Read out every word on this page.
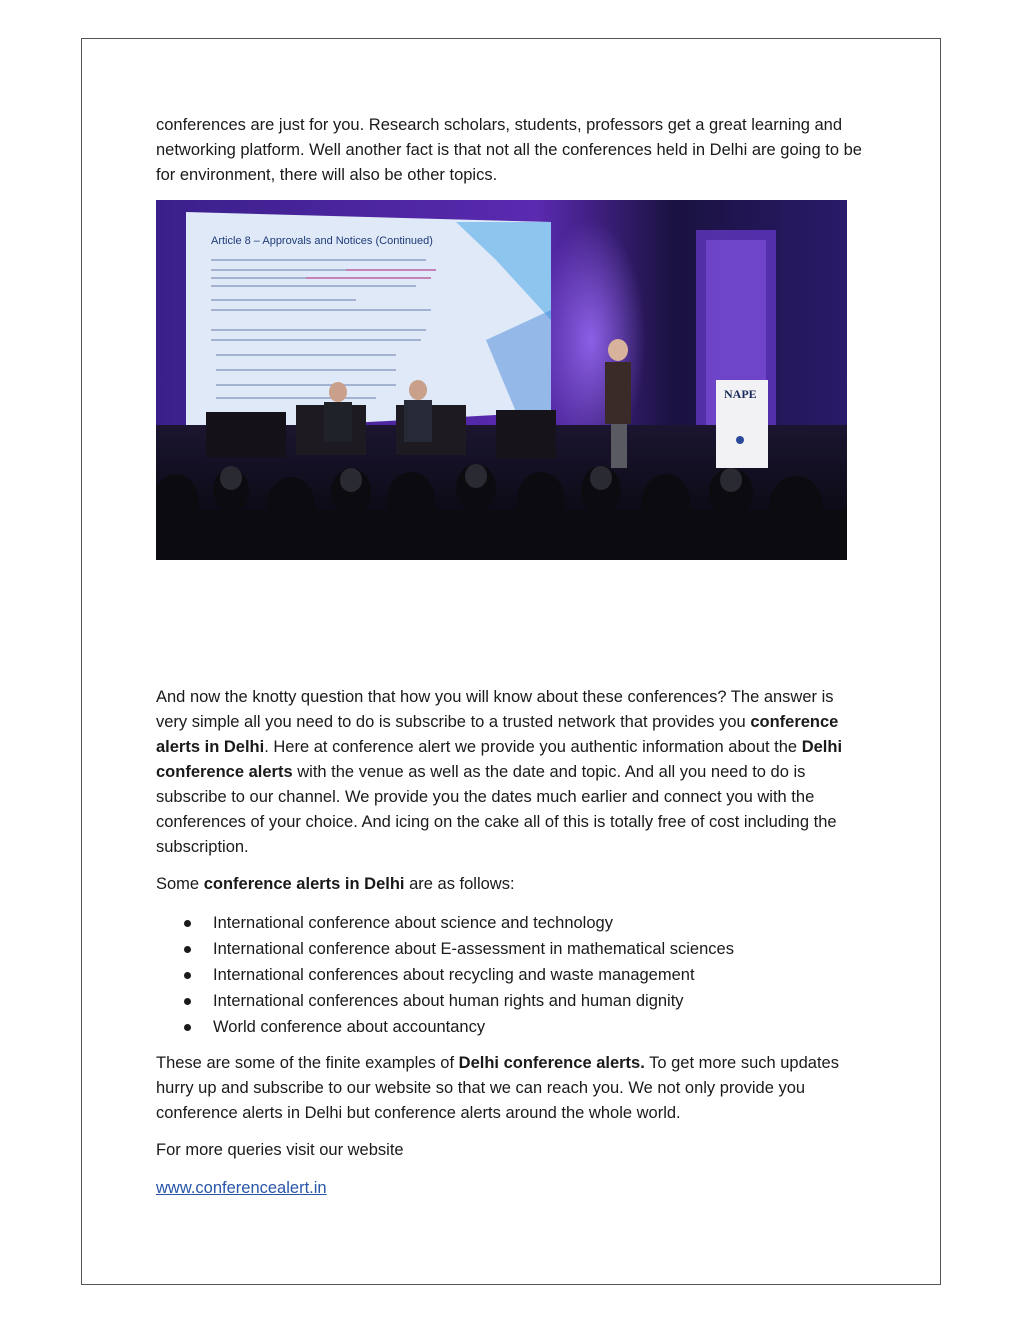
conferences are just for you. Research scholars, students, professors get a great learning and networking platform. Well another fact is that not all the conferences held in Delhi are going to be for environment, there will also be other topics.

Article 8 – Approvals and Notices (Continued)
NAPE

And now the knotty question that how you will know about these conferences? The answer is very simple all you need to do is subscribe to a trusted network that provides you conference alerts in Delhi. Here at conference alert we provide you authentic information about the Delhi conference alerts with the venue as well as the date and topic. And all you need to do is subscribe to our channel. We provide you the dates much earlier and connect you with the conferences of your choice. And icing on the cake all of this is totally free of cost including the subscription.

Some conference alerts in Delhi are as follows:

International conference about science and technology
International conference about E-assessment in mathematical sciences
International conferences about recycling and waste management
International conferences about human rights and human dignity
World conference about accountancy

These are some of the finite examples of Delhi conference alerts. To get more such updates hurry up and subscribe to our website so that we can reach you. We not only provide you conference alerts in Delhi but conference alerts around the whole world.

For more queries visit our website

www.conferencealert.in
